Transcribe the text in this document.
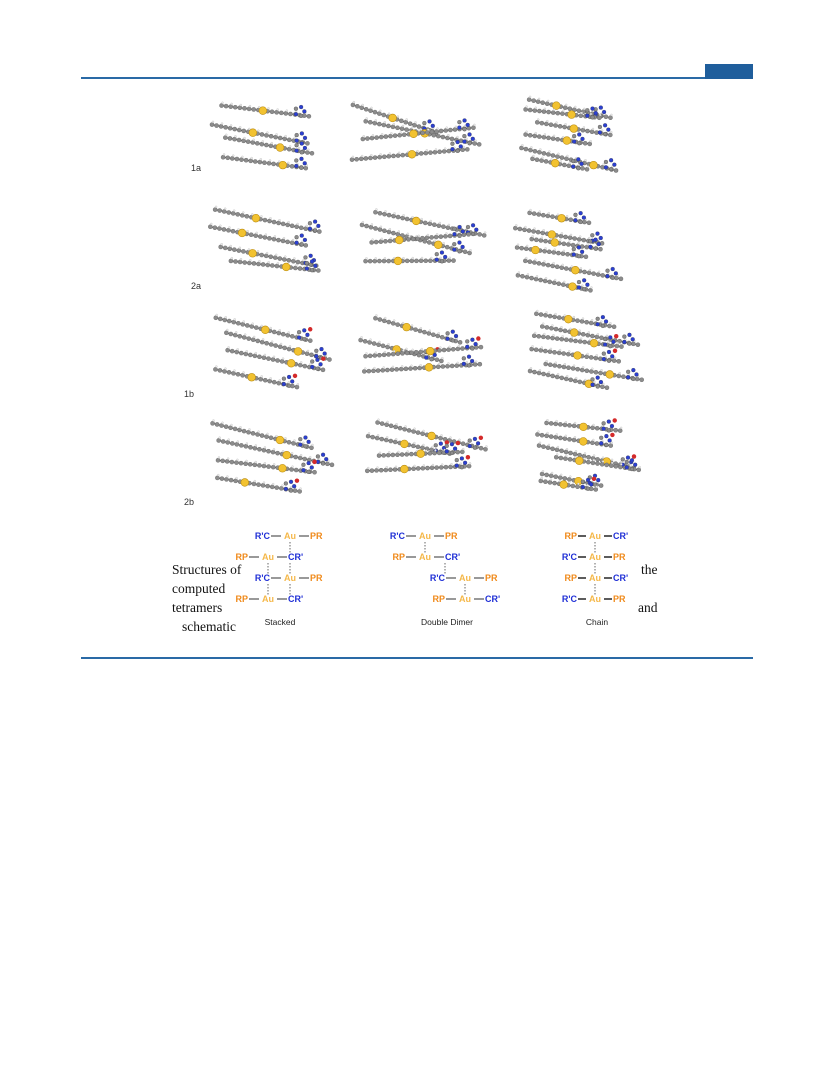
1a
2a
1b
2b
Structures of
computed
tetramers
schematic
the
and
R'C Au PR
RP Au CR'
R'C Au PR
RP Au CR'
R'C Au PR
RP Au CR'
R'C Au PR
RP Au CR'
RP Au CR'
R'C Au PR
RP Au CR'
R'C Au PR
Stacked	Double Dimer	Chain
